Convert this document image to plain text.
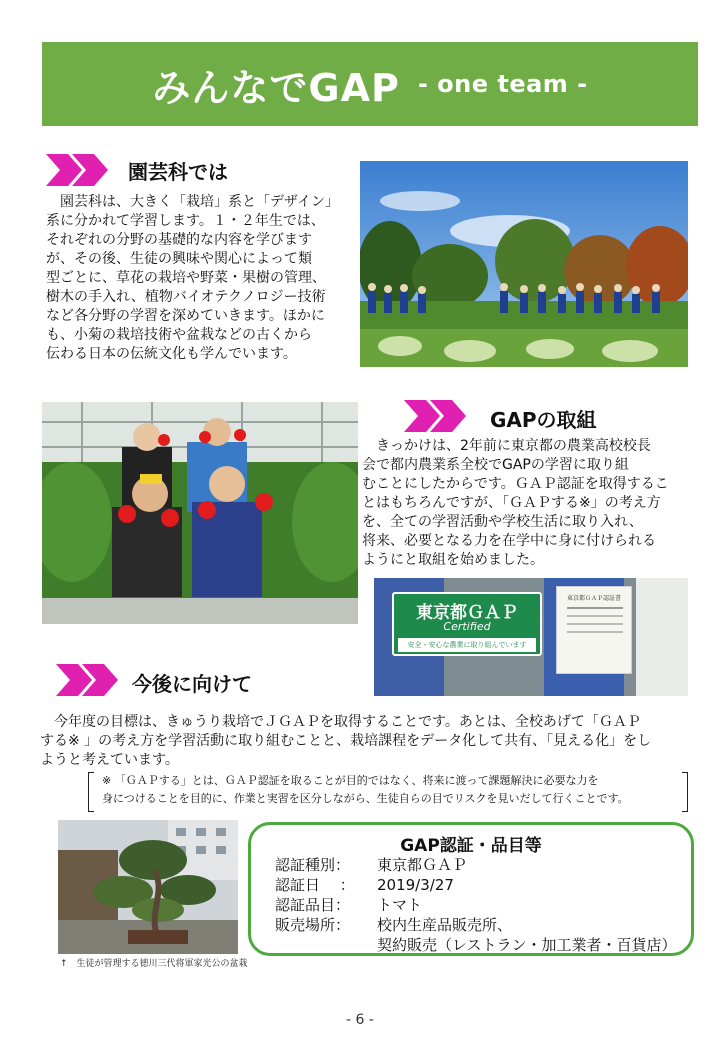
みんなでGAP - one team -
園芸科では
　園芸科は、大きく「栽培」系と「デザイン」
系に分かれて学習します。１・２年生では、
それぞれの分野の基礎的な内容を学びます
が、その後、生徒の興味や関心によって類
型ごとに、草花の栽培や野菜・果樹の管理、
樹木の手入れ、植物バイオテクノロジー技術
など各分野の学習を深めていきます。ほかに
も、小菊の栽培技術や盆栽などの古くから
伝わる日本の伝統文化も学んでいます。
GAPの取組
　きっかけは、2年前に東京都の農業高校校長
会で都内農業系全校でGAPの学習に取り組
むことにしたからです。ＧＡＰ認証を取得するこ
とはもちろんですが、「ＧＡＰする※」の考え方
を、全ての学習活動や学校生活に取り入れ、
将来、必要となる力を在学中に身に付けられる
ようにと取組を始めました。
東京都ＧＡＰ
Certified
安全・安心な農業に取り組んでいます
東京都ＧＡＰ認証書
今後に向けて
　今年度の目標は、きゅうり栽培でＪＧＡＰを取得することです。あとは、全校あげて「ＧＡＰ
する※ 」の考え方を学習活動に取り組むことと、栽培課程をデータ化して共有、「見える化」をし
ようと考えています。

※ 「ＧＡＰする」とは、ＧＡＰ認証を取ることが目的ではなく、将来に渡って課題解決に必要な力を

身につけることを目的に、作業と実習を区分しながら、生徒自らの目でリスクを見いだして行くことです。

↑　生徒が管理する徳川三代将軍家光公の盆栽
GAP認証・品目等
認証種別： 東京都ＧＡＰ
認証日　 ： 2019/3/27
認証品目： トマト
販売場所： 校内生産品販売所、
契約販売（レストラン・加工業者・百貨店）
- 6 -
